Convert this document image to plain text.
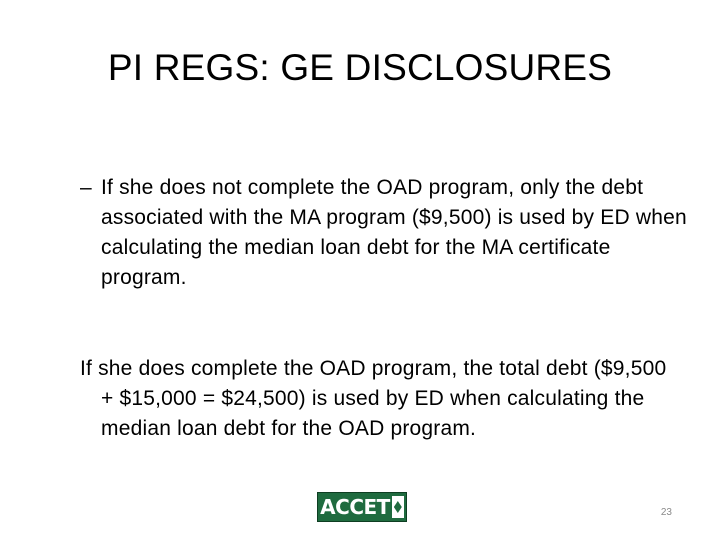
PI REGS: GE DISCLOSURES

– If she does not complete the OAD program, only the debt associated with the MA program ($9,500) is used by ED when calculating the median loan debt for the MA certificate program.

If she does complete the OAD program, the total debt ($9,500 + $15,000 = $24,500) is used by ED when calculating the median loan debt for the OAD program.

ACCET	23
